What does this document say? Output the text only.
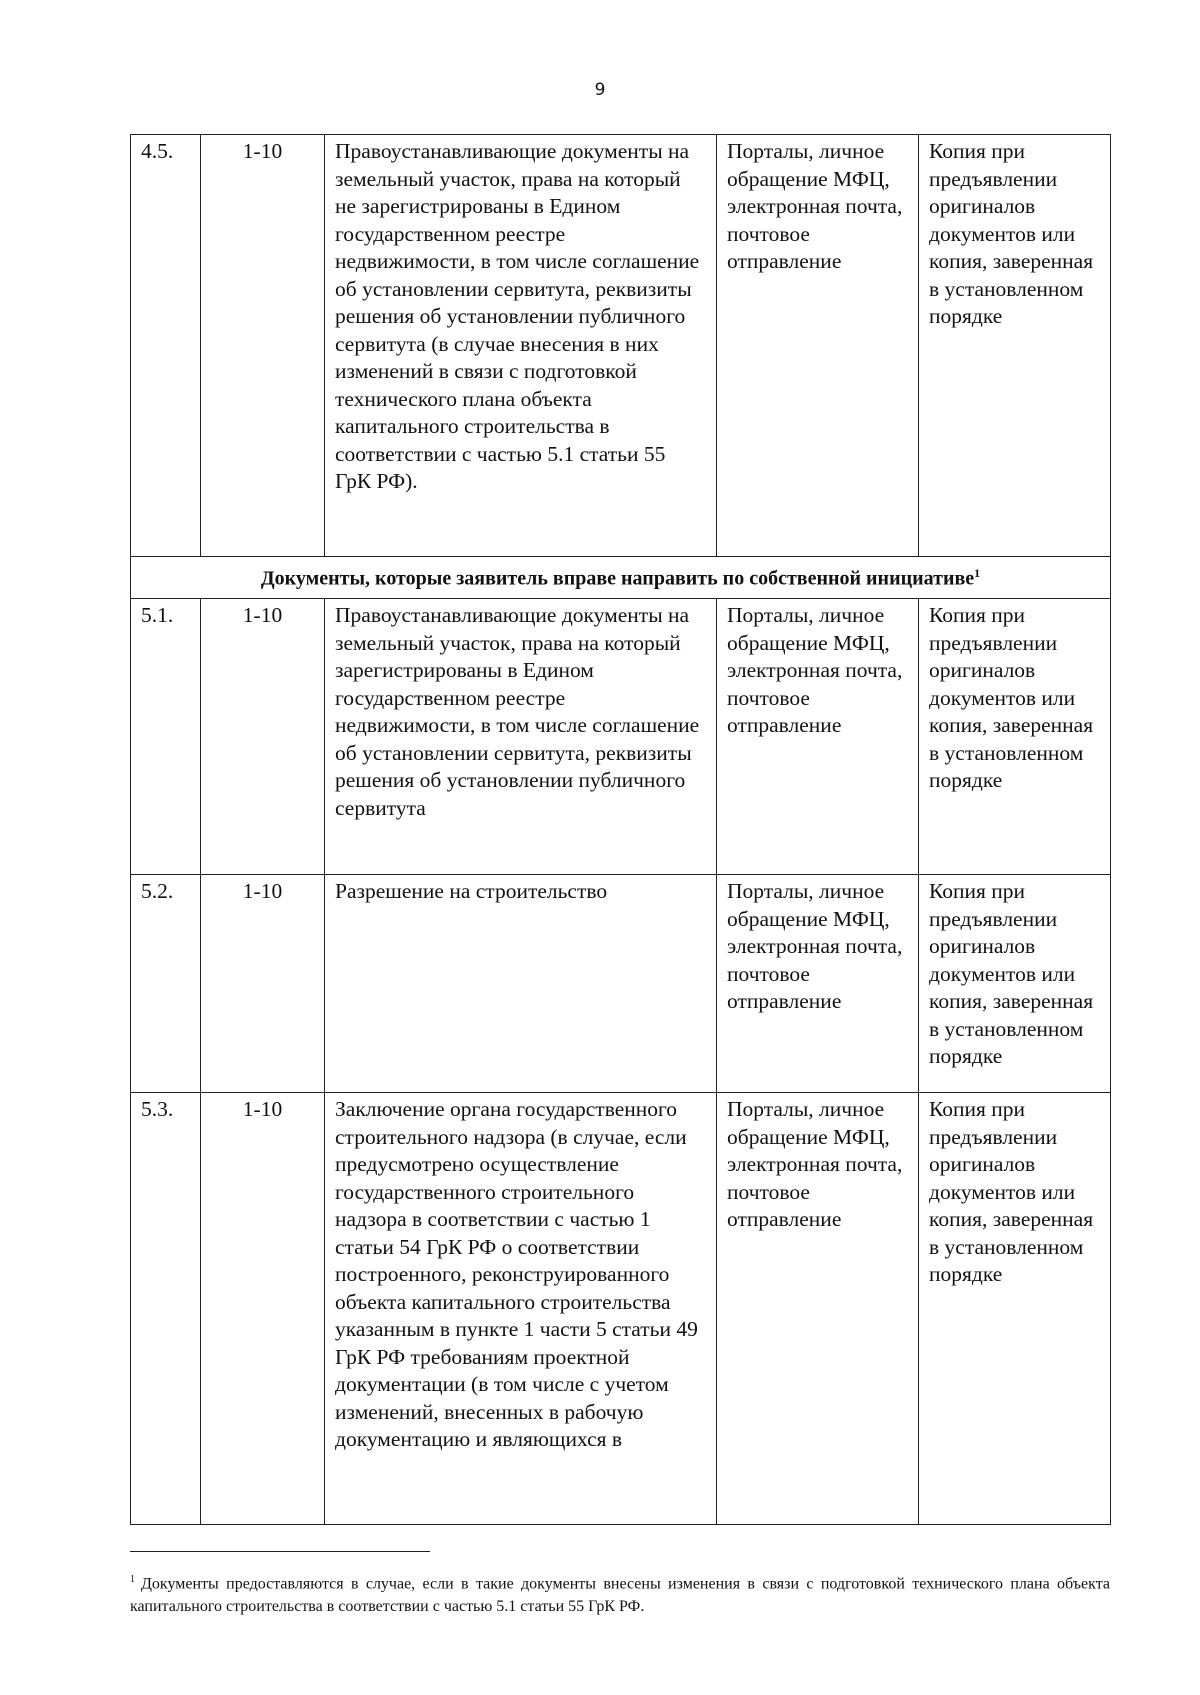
9
4.5.	1-10	Правоустанавливающие документы на земельный участок, права на который не зарегистрированы в Едином государственном реестре недвижимости, в том числе соглашение об установлении сервитута, реквизиты решения об установлении публичного сервитута (в случае внесения в них изменений в связи с подготовкой технического плана объекта капитального строительства в соответствии с частью 5.1 статьи 55 ГрК РФ).	Порталы, личное обращение МФЦ, электронная почта, почтовое отправление	Копия при предъявлении оригиналов документов или копия, заверенная в установленном порядке
Документы, которые заявитель вправе направить по собственной инициативе$^1$
5.1.	1-10	Правоустанавливающие документы на земельный участок, права на который зарегистрированы в Едином государственном реестре недвижимости, в том числе соглашение об установлении сервитута, реквизиты решения об установлении публичного сервитута	Порталы, личное обращение МФЦ, электронная почта, почтовое отправление	Копия при предъявлении оригиналов документов или копия, заверенная в установленном порядке
5.2.	1-10	Разрешение на строительство	Порталы, личное обращение МФЦ, электронная почта, почтовое отправление	Копия при предъявлении оригиналов документов или копия, заверенная в установленном порядке
5.3.	1-10	Заключение органа государственного строительного надзора (в случае, если предусмотрено осуществление государственного строительного надзора в соответствии с частью 1 статьи 54 ГрК РФ о соответствии построенного, реконструированного объекта капитального строительства указанным в пункте 1 части 5 статьи 49 ГрК РФ требованиям проектной документации (в том числе с учетом изменений, внесенных в рабочую документацию и являющихся в	Порталы, личное обращение МФЦ, электронная почта, почтовое отправление	Копия при предъявлении оригиналов документов или копия, заверенная в установленном порядке
$^1$ Документы предоставляются в случае, если в такие документы внесены изменения в связи с подготовкой технического плана объекта капитального строительства в соответствии с частью 5.1 статьи 55 ГрК РФ.
